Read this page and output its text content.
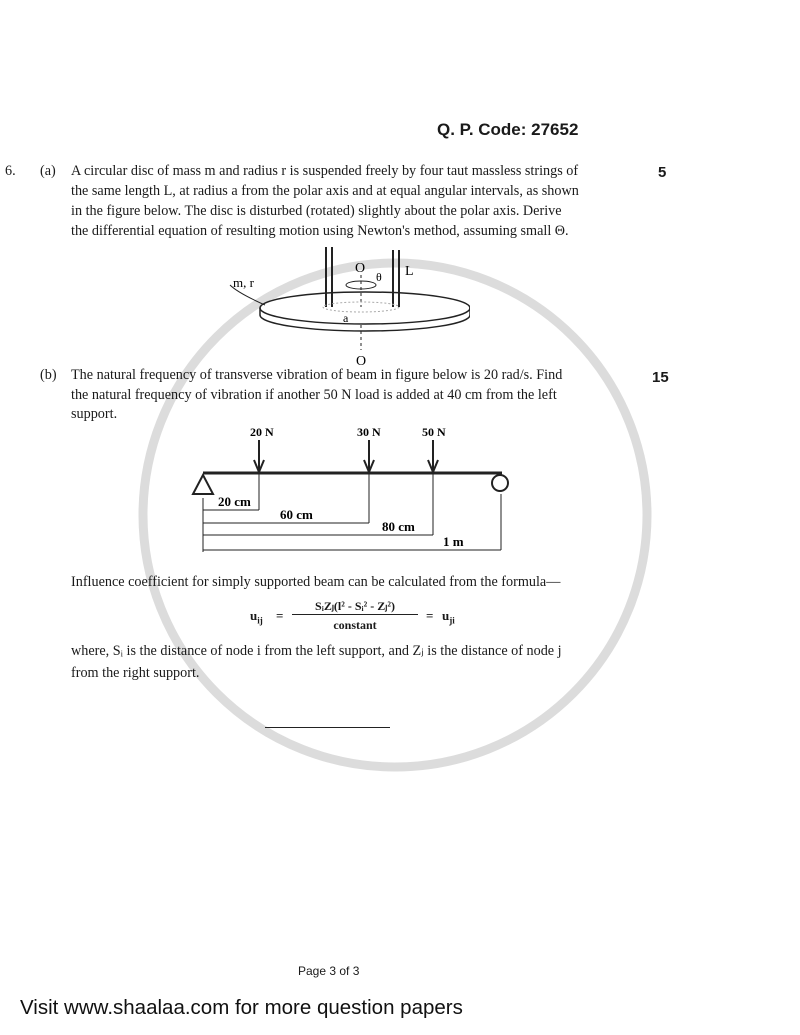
Q. P. Code: 27652
6. (a)	5
A circular disc of mass m and radius r is suspended freely by four taut massless strings of
the same length L, at radius a from the polar axis and at equal angular intervals, as shown
in the figure below. The disc is disturbed (rotated) slightly about the polar axis. Derive
the differential equation of resulting motion using Newton's method, assuming small Θ.
m, r
O
θ L
a
O
(b)	15
The natural frequency of transverse vibration of beam in figure below is 20 rad/s. Find
the natural frequency of vibration if another 50 N load is added at 40 cm from the left
support.
20 N	30 N	50 N
20 cm
60 cm
80 cm
1 m
Influence coefficient for simply supported beam can be calculated from the formula—
$u_{ij}$ =
SᵢZⱼ(l² - Sᵢ² - Zⱼ²)
constant
= $u_{ji}$
where, Sᵢ is the distance of node i from the left support, and Zⱼ is the distance of node j
from the right support.
Page 3 of 3
Visit www.shaalaa.com for more question papers
